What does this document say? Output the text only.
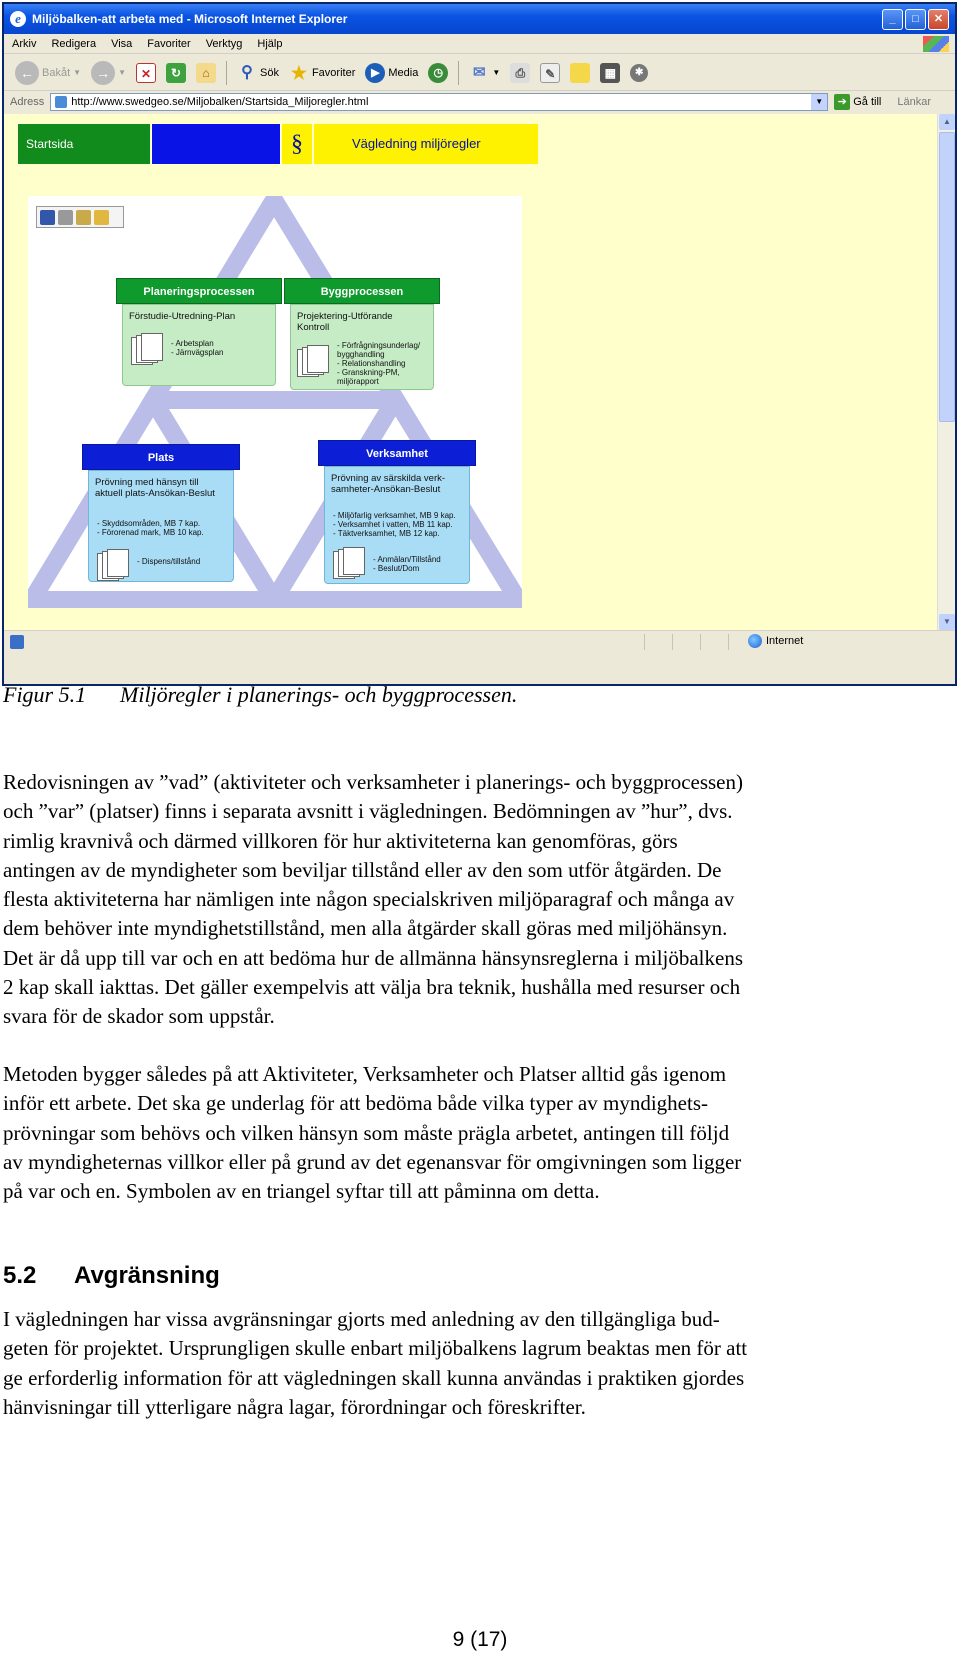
e Miljöbalken-att arbeta med - Microsoft Internet Explorer	_	□	✕
Arkiv Redigera Visa Favoriter Verktyg Hjälp
← Bakåt ▼	→	▼	✕	↻	⌂	⚲ Sök ★ Favoriter	▶ Media	◷	✉ ▼	⎙	✎	▦	✱
Adress http://www.swedgeo.se/Miljobalken/Startsida_Miljoregler.html	▼	➔ Gå till Länkar
Startsida	§	Vägledning miljöregler
Planeringsprocessen
Förstudie-Utredning-Plan
- Arbetsplan
- Järnvägsplan
Byggprocessen
Projektering-Utförande Kontroll
- Förfrågningsunderlag/ bygghandling
- Relationshandling
- Granskning-PM, miljörapport
Plats
Prövning med hänsyn till aktuell plats-Ansökan-Beslut
- Skyddsområden, MB 7 kap.
- Förorenad mark, MB 10 kap.
- Dispens/tillstånd
Verksamhet
Prövning av särskilda verk-samheter-Ansökan-Beslut
- Miljöfarlig verksamhet, MB 9 kap.
- Verksamhet i vatten, MB 11 kap.
- Täktverksamhet, MB 12 kap.
- Anmälan/Tillstånd
- Beslut/Dom
▲
▼
Internet
Figur 5.1 Miljöregler i planerings- och byggprocessen.
Redovisningen av ”vad” (aktiviteter och verksamheter i planerings- och byggprocessen)
och ”var” (platser) finns i separata avsnitt i vägledningen. Bedömningen av ”hur”, dvs.
rimlig kravnivå och därmed villkoren för hur aktiviteterna kan genomföras, görs
antingen av de myndigheter som beviljar tillstånd eller av den som utför åtgärden. De
flesta aktiviteterna har nämligen inte någon specialskriven miljöparagraf och många av
dem behöver inte myndighetstillstånd, men alla åtgärder skall göras med miljöhänsyn.
Det är då upp till var och en att bedöma hur de allmänna hänsynsreglerna i miljöbalkens
2 kap skall iakttas. Det gäller exempelvis att välja bra teknik, hushålla med resurser och
svara för de skador som uppstår.
Metoden bygger således på att Aktiviteter, Verksamheter och Platser alltid gås igenom
inför ett arbete. Det ska ge underlag för att bedöma både vilka typer av myndighets-
prövningar som behövs och vilken hänsyn som måste prägla arbetet, antingen till följd
av myndigheternas villkor eller på grund av det egenansvar för omgivningen som ligger
på var och en. Symbolen av en triangel syftar till att påminna om detta.
5.2 Avgränsning
I vägledningen har vissa avgränsningar gjorts med anledning av den tillgängliga bud-
geten för projektet. Ursprungligen skulle enbart miljöbalkens lagrum beaktas men för att
ge erforderlig information för att vägledningen skall kunna användas i praktiken gjordes
hänvisningar till ytterligare några lagar, förordningar och föreskrifter.
9 (17)
